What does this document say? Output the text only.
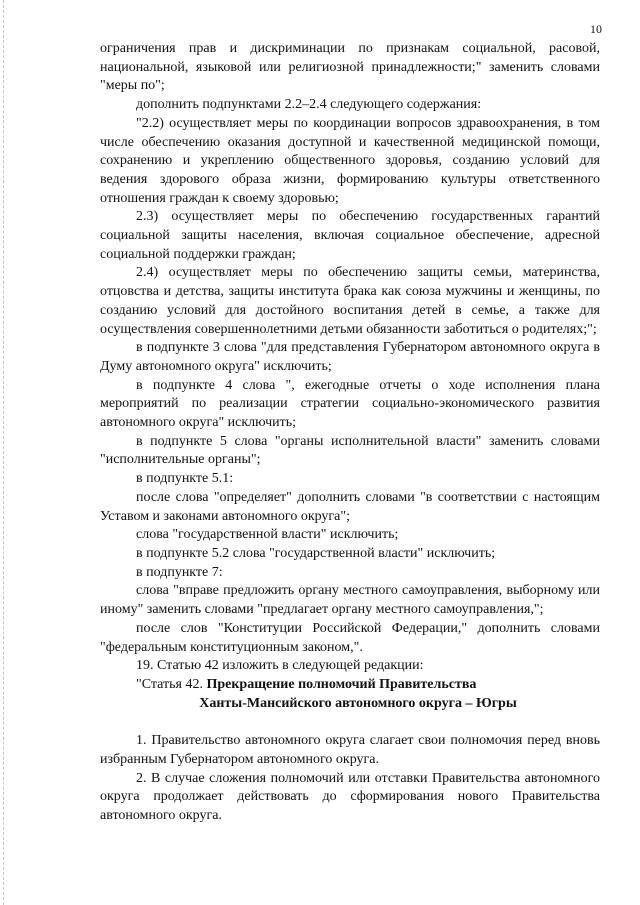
10

ограничения прав и дискриминации по признакам социальной, расовой, национальной, языковой или религиозной принадлежности;" заменить словами "меры по";

дополнить подпунктами 2.2–2.4 следующего содержания:

"2.2) осуществляет меры по координации вопросов здравоохранения, в том числе обеспечению оказания доступной и качественной медицинской помощи, сохранению и укреплению общественного здоровья, созданию условий для ведения здорового образа жизни, формированию культуры ответственного отношения граждан к своему здоровью;

2.3) осуществляет меры по обеспечению государственных гарантий социальной защиты населения, включая социальное обеспечение, адресной социальной поддержки граждан;

2.4) осуществляет меры по обеспечению защиты семьи, материнства, отцовства и детства, защиты института брака как союза мужчины и женщины, по созданию условий для достойного воспитания детей в семье, а также для осуществления совершеннолетними детьми обязанности заботиться о родителях;";

в подпункте 3 слова "для представления Губернатором автономного округа в Думу автономного округа" исключить;

в подпункте 4 слова ", ежегодные отчеты о ходе исполнения плана мероприятий по реализации стратегии социально-экономического развития автономного округа" исключить;

в подпункте 5 слова "органы исполнительной власти" заменить словами "исполнительные органы";

в подпункте 5.1:

после слова "определяет" дополнить словами "в соответствии с настоящим Уставом и законами автономного округа";

слова "государственной власти" исключить;

в подпункте 5.2 слова "государственной власти" исключить;

в подпункте 7:

слова "вправе предложить органу местного самоуправления, выборному или иному" заменить словами "предлагает органу местного самоуправления,";

после слов "Конституции Российской Федерации," дополнить словами "федеральным конституционным законом,".

19. Статью 42 изложить в следующей редакции:

"Статья 42. Прекращение полномочий Правительства
Ханты-Мансийского автономного округа – Югры

1. Правительство автономного округа слагает свои полномочия перед вновь избранным Губернатором автономного округа.

2. В случае сложения полномочий или отставки Правительства автономного округа продолжает действовать до сформирования нового Правительства автономного округа.
